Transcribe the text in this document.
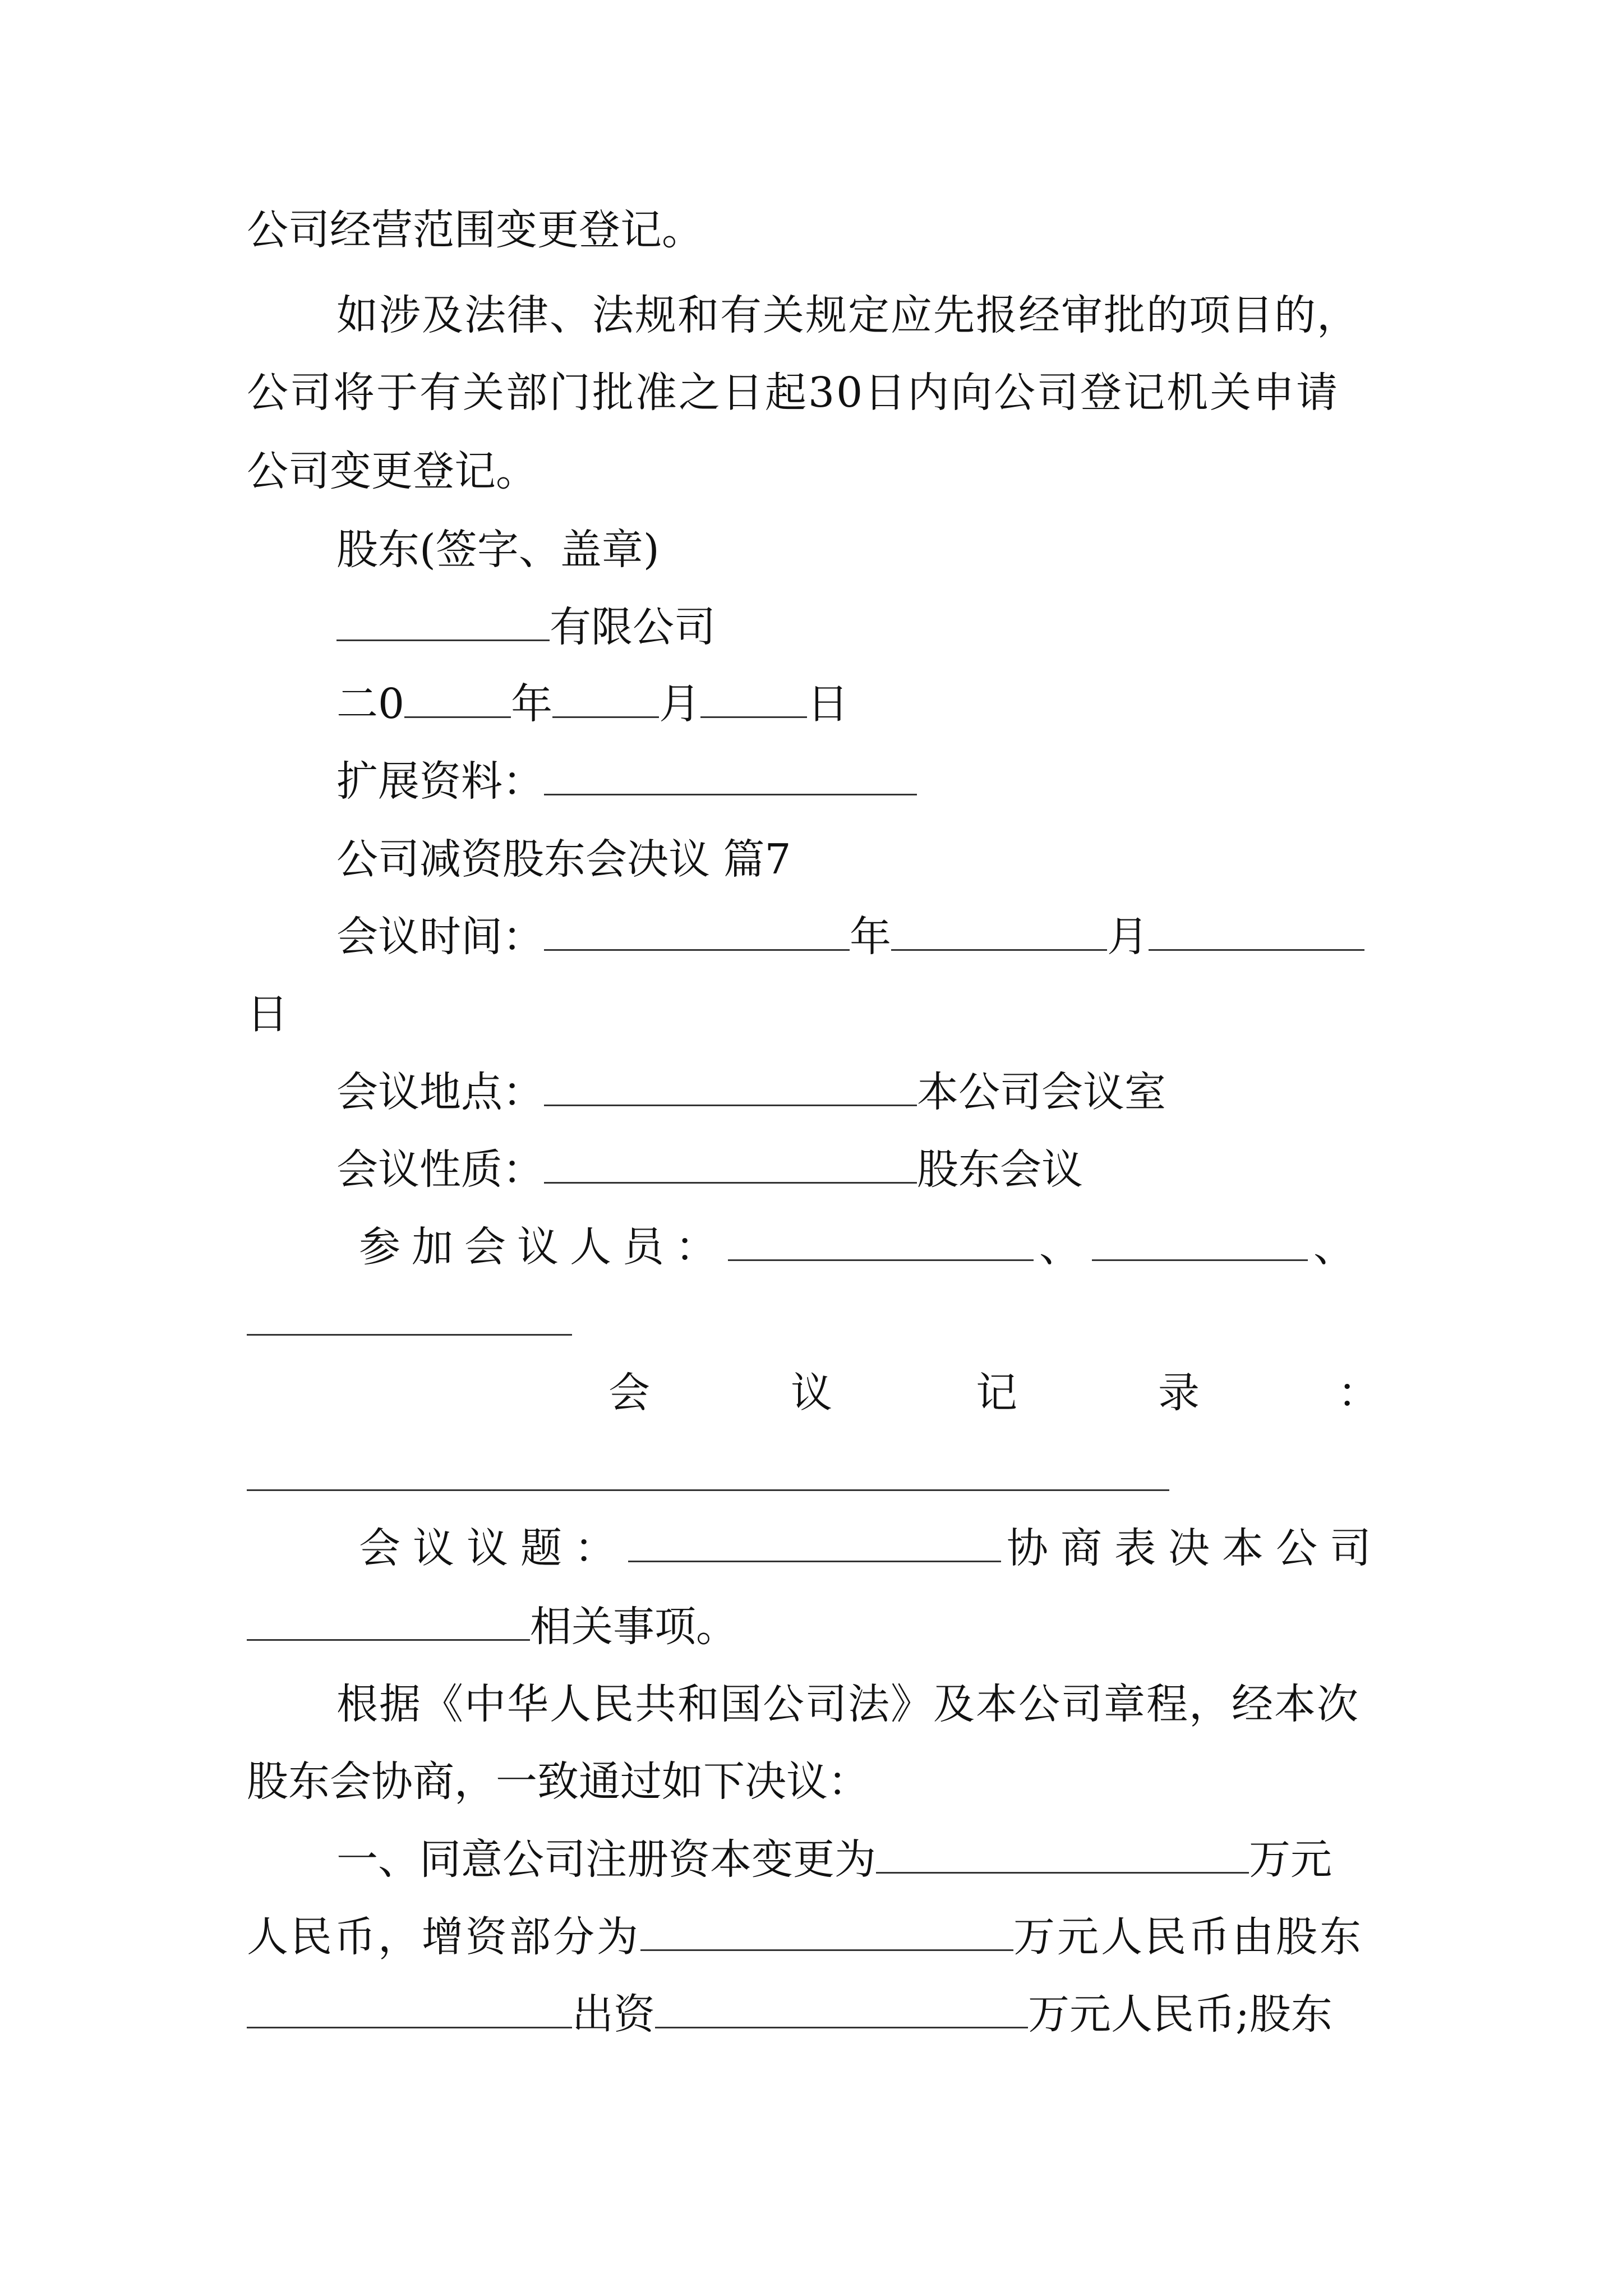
公司经营范围变更登记。
如涉及法律、法规和有关规定应先报经审批的项目的，
公司将于有关部门批准之日起30日内向公司登记机关申请
公司变更登记。
股东(签字、盖章)
有限公司
二0	年	月	日
扩展资料：
公司减资股东会决议 篇7
会议时间：	年	月
日
会议地点：	本公司会议室
会议性质：	股东会议
参加会议人员：	、	、
会	议	记	录	：
会议议题：	协商表决本公司
相关事项。
根据《中华人民共和国公司法》及本公司章程，经本次
股东会协商，一致通过如下决议：
一、同意公司注册资本变更为	万元
人民币，增资部分为	万元人民币由股东
出资	万元人民币;股东
